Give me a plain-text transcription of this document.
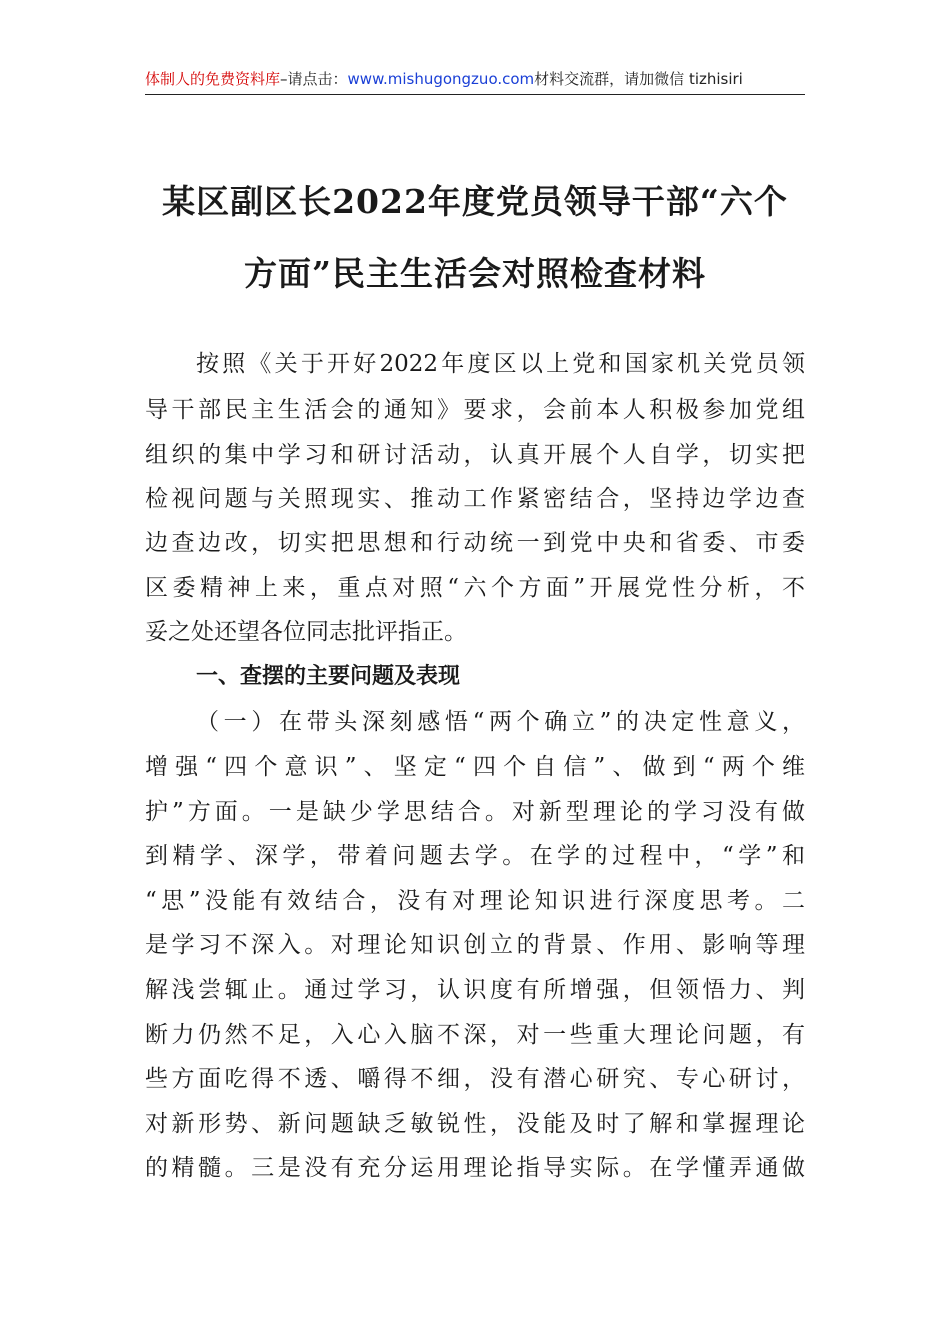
体制人的免费资料库–请点击：www.mishugongzuo.com材料交流群，请加微信 tizhisiri
某区副区长2022年度党员领导干部“六个
方面”民主生活会对照检查材料
按照《关于开好2022年度区以上党和国家机关党员领
导干部民主生活会的通知》要求，会前本人积极参加党组
组织的集中学习和研讨活动，认真开展个人自学，切实把
检视问题与关照现实、推动工作紧密结合，坚持边学边查
边查边改，切实把思想和行动统一到党中央和省委、市委
区委精神上来，重点对照“六个方面”开展党性分析，不
妥之处还望各位同志批评指正。
一、查摆的主要问题及表现
（一）在带头深刻感悟“两个确立”的决定性意义，
增强“四个意识”、坚定“四个自信”、做到“两个维
护”方面。一是缺少学思结合。对新型理论的学习没有做
到精学、深学，带着问题去学。在学的过程中，“学”和
“思”没能有效结合，没有对理论知识进行深度思考。二
是学习不深入。对理论知识创立的背景、作用、影响等理
解浅尝辄止。通过学习，认识度有所增强，但领悟力、判
断力仍然不足，入心入脑不深，对一些重大理论问题，有
些方面吃得不透、嚼得不细，没有潜心研究、专心研讨，
对新形势、新问题缺乏敏锐性，没能及时了解和掌握理论
的精髓。三是没有充分运用理论指导实际。在学懂弄通做
